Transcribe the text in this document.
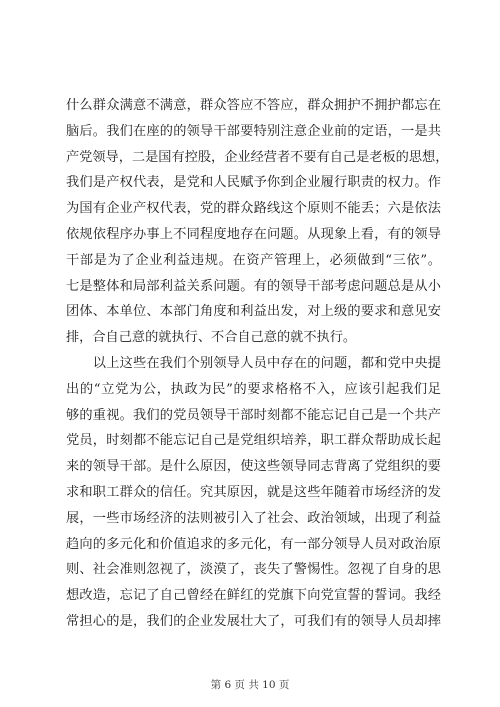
什么群众满意不满意，群众答应不答应，群众拥护不拥护都忘在
脑后。我们在座的的领导干部要特别注意企业前的定语，一是共
产党领导，二是国有控股，企业经营者不要有自己是老板的思想，
我们是产权代表，是党和人民赋予你到企业履行职责的权力。作
为国有企业产权代表，党的群众路线这个原则不能丢；六是依法
依规依程序办事上不同程度地存在问题。从现象上看，有的领导
干部是为了企业利益违规。在资产管理上，必须做到“三依”。
七是整体和局部利益关系问题。有的领导干部考虑问题总是从小
团体、本单位、本部门角度和利益出发，对上级的要求和意见安
排，合自己意的就执行、不合自己意的就不执行。
　　以上这些在我们个别领导人员中存在的问题，都和党中央提
出的“立党为公，执政为民”的要求格格不入，应该引起我们足
够的重视。我们的党员领导干部时刻都不能忘记自己是一个共产
党员，时刻都不能忘记自己是党组织培养，职工群众帮助成长起
来的领导干部。是什么原因，使这些领导同志背离了党组织的要
求和职工群众的信任。究其原因，就是这些年随着市场经济的发
展，一些市场经济的法则被引入了社会、政治领域，出现了利益
趋向的多元化和价值追求的多元化，有一部分领导人员对政治原
则、社会准则忽视了，淡漠了，丧失了警惕性。忽视了自身的思
想改造，忘记了自己曾经在鲜红的党旗下向党宣誓的誓词。我经
常担心的是，我们的企业发展壮大了，可我们有的领导人员却摔
第 6 页 共 10 页
